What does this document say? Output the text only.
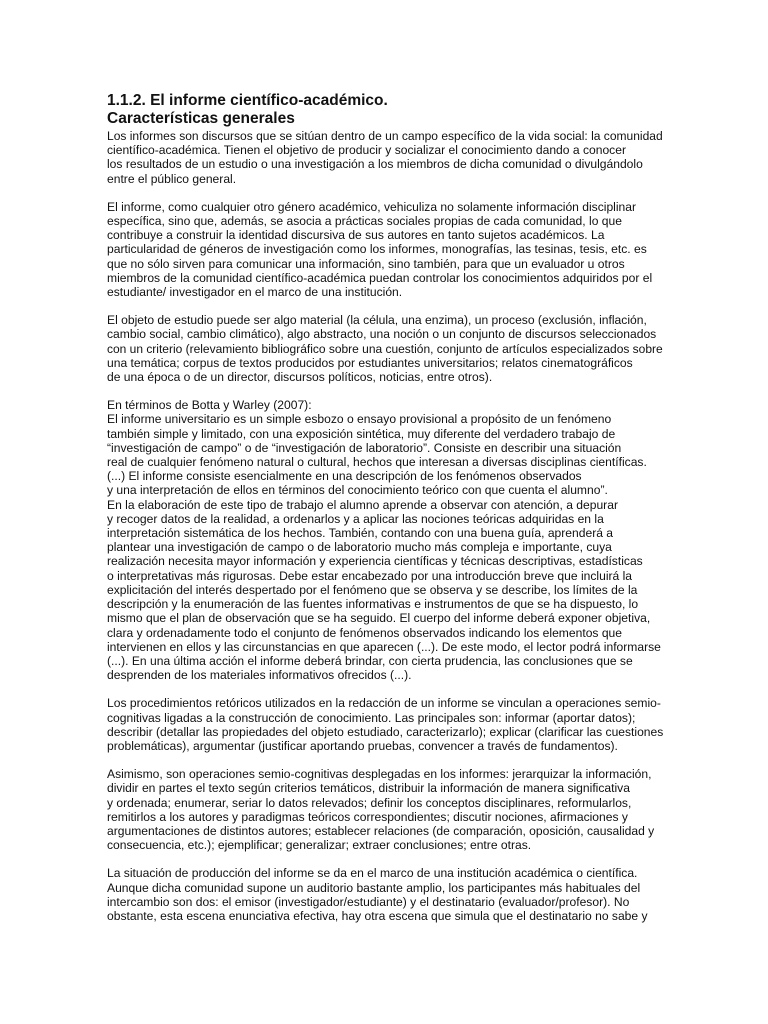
1.1.2. El informe científico-académico.
Características generales

Los informes son discursos que se sitúan dentro de un campo específico de la vida social: la comunidad
científico-académica. Tienen el objetivo de producir y socializar el conocimiento dando a conocer
los resultados de un estudio o una investigación a los miembros de dicha comunidad o divulgándolo
entre el público general.

El informe, como cualquier otro género académico, vehiculiza no solamente información disciplinar
específica, sino que, además, se asocia a prácticas sociales propias de cada comunidad, lo que
contribuye a construir la identidad discursiva de sus autores en tanto sujetos académicos. La
particularidad de géneros de investigación como los informes, monografías, las tesinas, tesis, etc. es
que no sólo sirven para comunicar una información, sino también, para que un evaluador u otros
miembros de la comunidad científico-académica puedan controlar los conocimientos adquiridos por el
estudiante/ investigador en el marco de una institución.

El objeto de estudio puede ser algo material (la célula, una enzima), un proceso (exclusión, inflación,
cambio social, cambio climático), algo abstracto, una noción o un conjunto de discursos seleccionados
con un criterio (relevamiento bibliográfico sobre una cuestión, conjunto de artículos especializados sobre
una temática; corpus de textos producidos por estudiantes universitarios; relatos cinematográficos
de una época o de un director, discursos políticos, noticias, entre otros).

En términos de Botta y Warley (2007):
El informe universitario es un simple esbozo o ensayo provisional a propósito de un fenómeno
también simple y limitado, con una exposición sintética, muy diferente del verdadero trabajo de
“investigación de campo” o de “investigación de laboratorio”. Consiste en describir una situación
real de cualquier fenómeno natural o cultural, hechos que interesan a diversas disciplinas científicas.
(...) El informe consiste esencialmente en una descripción de los fenómenos observados
y una interpretación de ellos en términos del conocimiento teórico con que cuenta el alumno”.
En la elaboración de este tipo de trabajo el alumno aprende a observar con atención, a depurar
y recoger datos de la realidad, a ordenarlos y a aplicar las nociones teóricas adquiridas en la
interpretación sistemática de los hechos. También, contando con una buena guía, aprenderá a
plantear una investigación de campo o de laboratorio mucho más compleja e importante, cuya
realización necesita mayor información y experiencia científicas y técnicas descriptivas, estadísticas
o interpretativas más rigurosas. Debe estar encabezado por una introducción breve que incluirá la
explicitación del interés despertado por el fenómeno que se observa y se describe, los límites de la
descripción y la enumeración de las fuentes informativas e instrumentos de que se ha dispuesto, lo
mismo que el plan de observación que se ha seguido. El cuerpo del informe deberá exponer objetiva,
clara y ordenadamente todo el conjunto de fenómenos observados indicando los elementos que
intervienen en ellos y las circunstancias en que aparecen (...). De este modo, el lector podrá informarse
(...). En una última acción el informe deberá brindar, con cierta prudencia, las conclusiones que se
desprenden de los materiales informativos ofrecidos (...).

Los procedimientos retóricos utilizados en la redacción de un informe se vinculan a operaciones semio-
cognitivas ligadas a la construcción de conocimiento. Las principales son: informar (aportar datos);
describir (detallar las propiedades del objeto estudiado, caracterizarlo); explicar (clarificar las cuestiones
problemáticas), argumentar (justificar aportando pruebas, convencer a través de fundamentos).

Asimismo, son operaciones semio-cognitivas desplegadas en los informes: jerarquizar la información,
dividir en partes el texto según criterios temáticos, distribuir la información de manera significativa
y ordenada; enumerar, seriar lo datos relevados; definir los conceptos disciplinares, reformularlos,
remitirlos a los autores y paradigmas teóricos correspondientes; discutir nociones, afirmaciones y
argumentaciones de distintos autores; establecer relaciones (de comparación, oposición, causalidad y
consecuencia, etc.); ejemplificar; generalizar; extraer conclusiones; entre otras.

La situación de producción del informe se da en el marco de una institución académica o científica.
Aunque dicha comunidad supone un auditorio bastante amplio, los participantes más habituales del
intercambio son dos: el emisor (investigador/estudiante) y el destinatario (evaluador/profesor). No
obstante, esta escena enunciativa efectiva, hay otra escena que simula que el destinatario no sabe y
